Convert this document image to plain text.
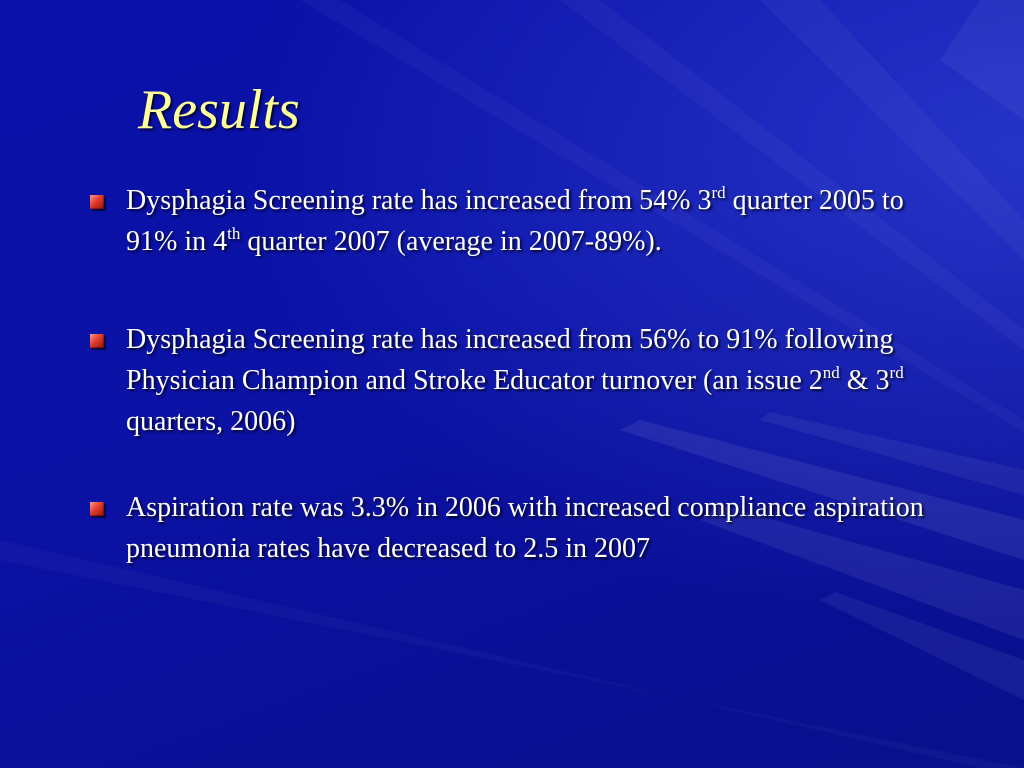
Results
Dysphagia Screening rate has increased from 54% 3rd quarter 2005 to 91% in 4th quarter 2007 (average in 2007-89%).
Dysphagia Screening rate has increased from 56% to 91% following Physician Champion and Stroke Educator turnover (an issue 2nd & 3rd quarters, 2006)
Aspiration rate was 3.3% in 2006 with increased compliance aspiration pneumonia rates have decreased to 2.5 in 2007
